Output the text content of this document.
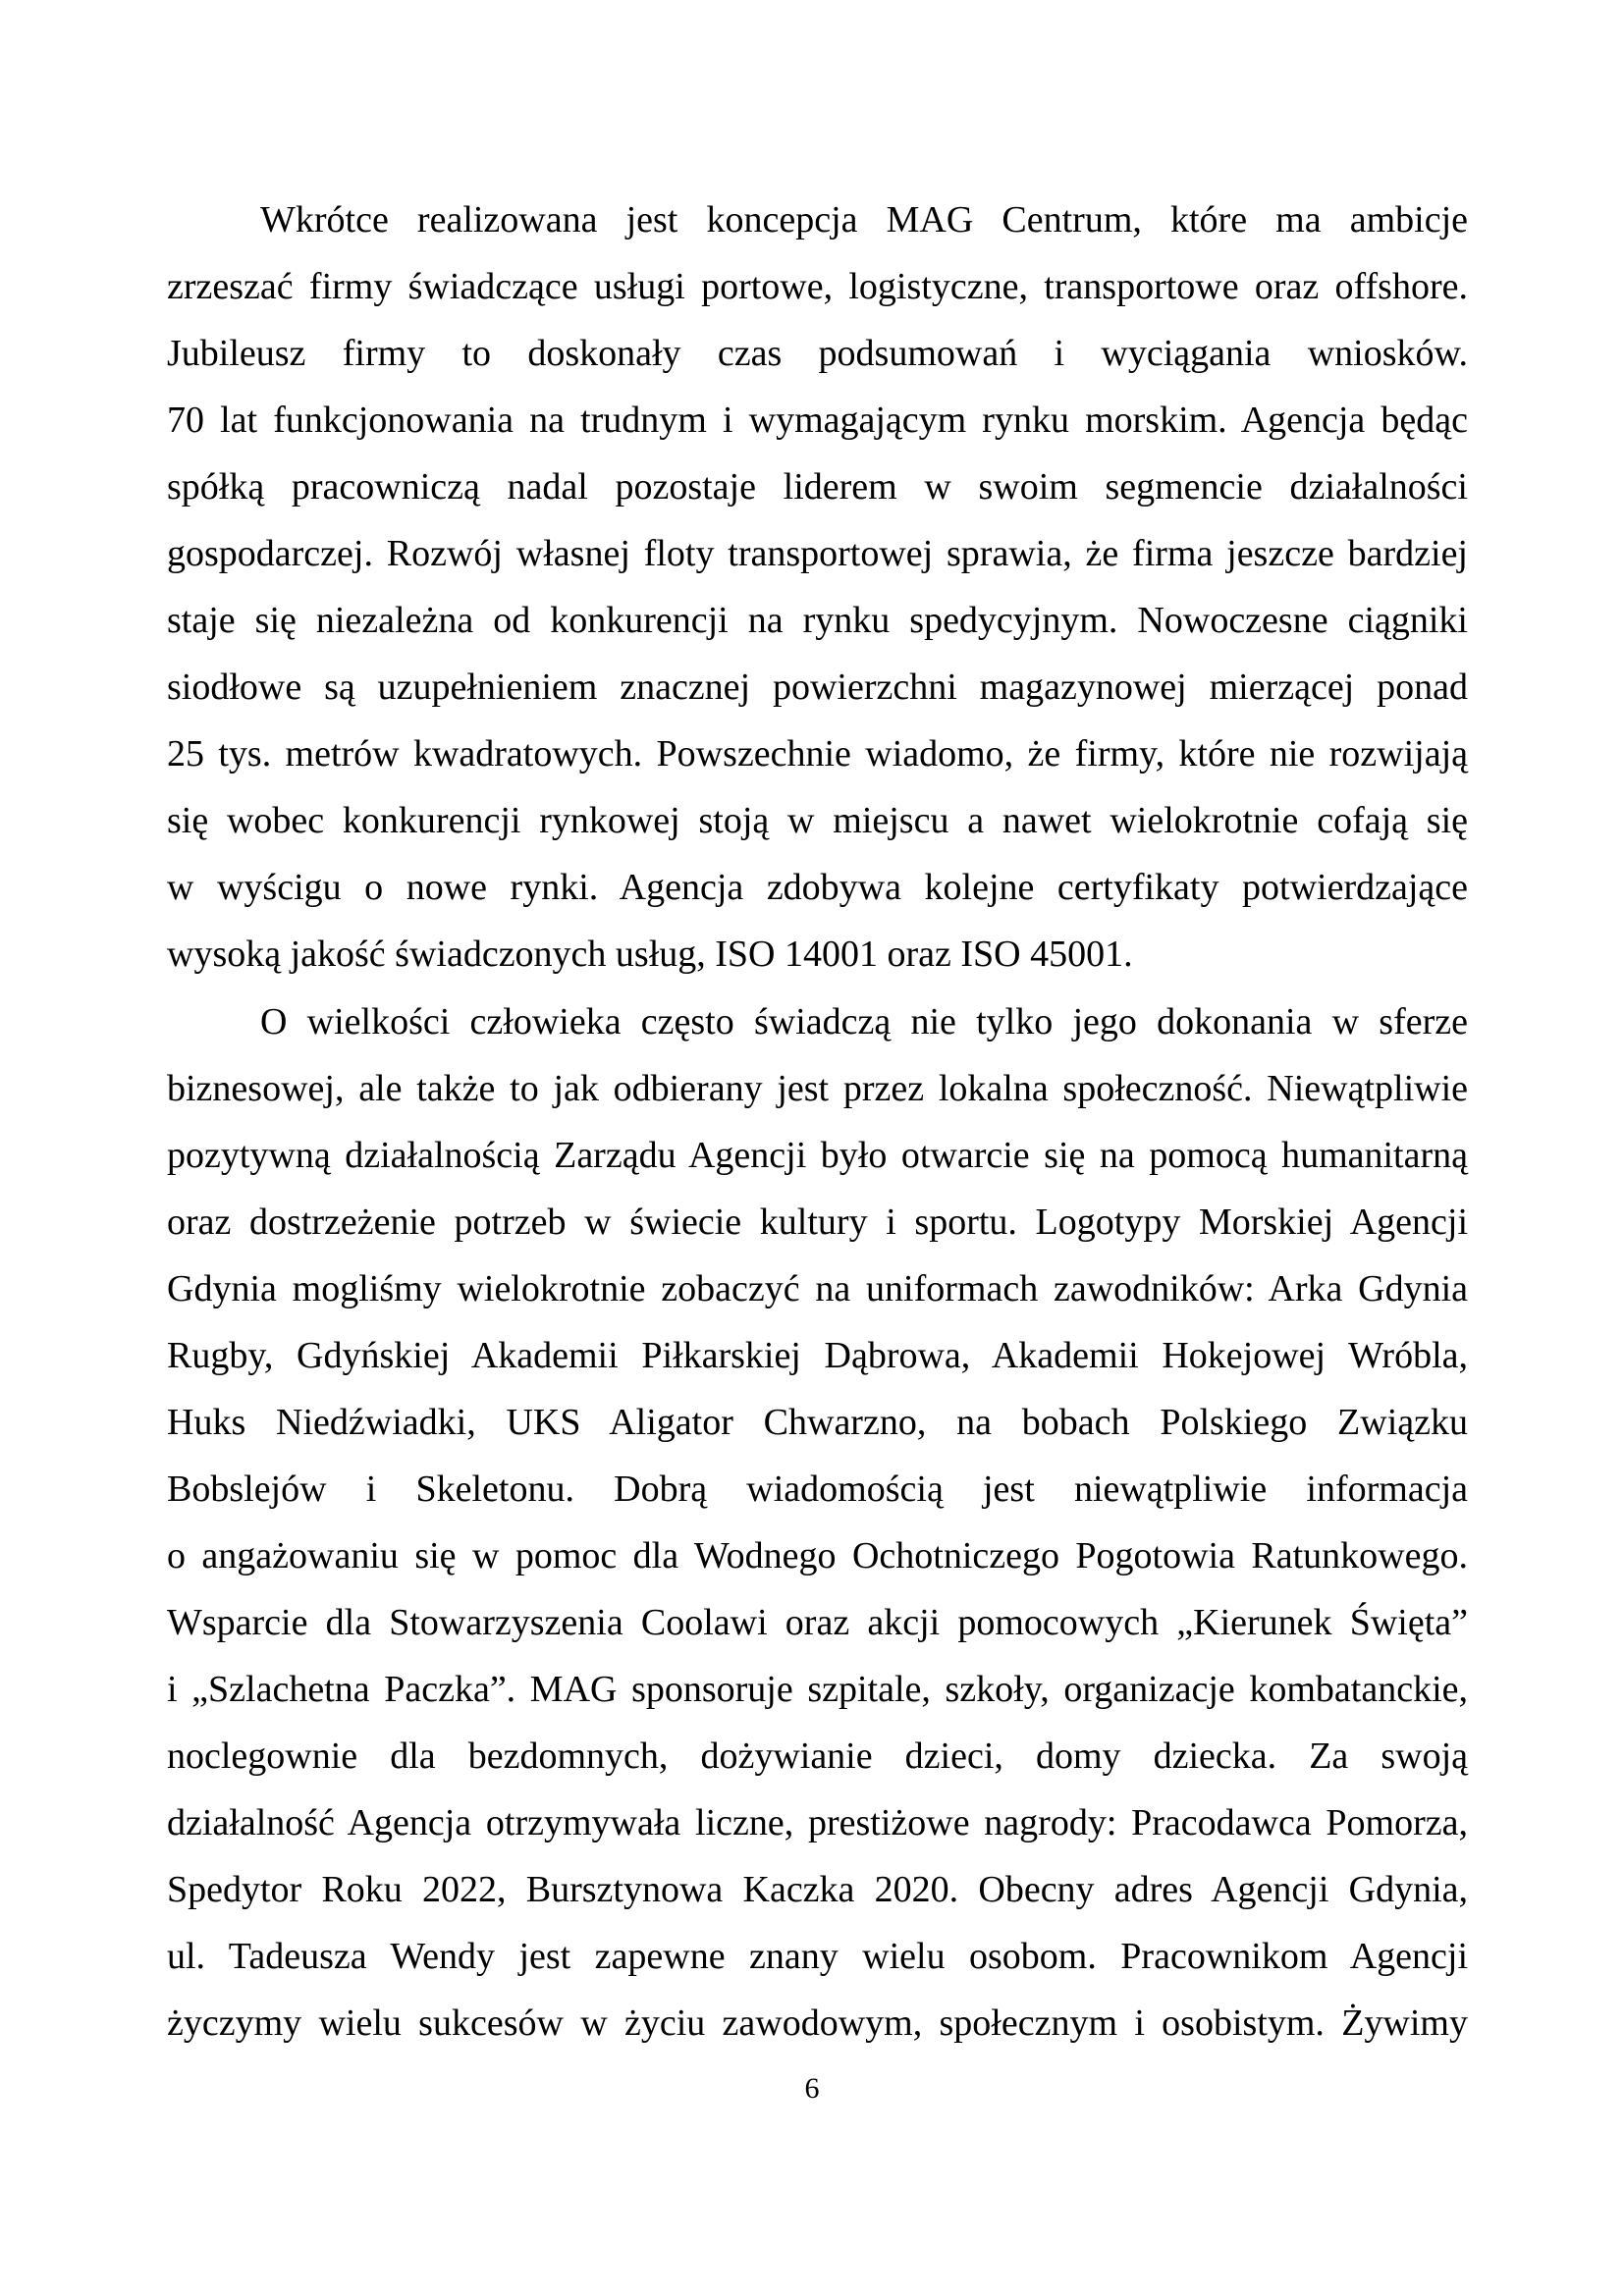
Wkrótce realizowana jest koncepcja MAG Centrum, które ma ambicje
zrzeszać firmy świadczące usługi portowe, logistyczne, transportowe oraz offshore.
Jubileusz firmy to doskonały czas podsumowań i wyciągania wniosków.
70 lat funkcjonowania na trudnym i wymagającym rynku morskim. Agencja będąc
spółką pracowniczą nadal pozostaje liderem w swoim segmencie działalności
gospodarczej. Rozwój własnej floty transportowej sprawia, że firma jeszcze bardziej
staje się niezależna od konkurencji na rynku spedycyjnym. Nowoczesne ciągniki
siodłowe są uzupełnieniem znacznej powierzchni magazynowej mierzącej ponad
25 tys. metrów kwadratowych. Powszechnie wiadomo, że firmy, które nie rozwijają
się wobec konkurencji rynkowej stoją w miejscu a nawet wielokrotnie cofają się
w wyścigu o nowe rynki. Agencja zdobywa kolejne certyfikaty potwierdzające
wysoką jakość świadczonych usług, ISO 14001 oraz ISO 45001.
O wielkości człowieka często świadczą nie tylko jego dokonania w sferze
biznesowej, ale także to jak odbierany jest przez lokalna społeczność. Niewątpliwie
pozytywną działalnością Zarządu Agencji było otwarcie się na pomocą humanitarną
oraz dostrzeżenie potrzeb w świecie kultury i sportu. Logotypy Morskiej Agencji
Gdynia mogliśmy wielokrotnie zobaczyć na uniformach zawodników: Arka Gdynia
Rugby, Gdyńskiej Akademii Piłkarskiej Dąbrowa, Akademii Hokejowej Wróbla,
Huks Niedźwiadki, UKS Aligator Chwarzno, na bobach Polskiego Związku
Bobslejów i Skeletonu. Dobrą wiadomością jest niewątpliwie informacja
o angażowaniu się w pomoc dla Wodnego Ochotniczego Pogotowia Ratunkowego.
Wsparcie dla Stowarzyszenia Coolawi oraz akcji pomocowych „Kierunek Święta”
i „Szlachetna Paczka”. MAG sponsoruje szpitale, szkoły, organizacje kombatanckie,
noclegownie dla bezdomnych, dożywianie dzieci, domy dziecka. Za swoją
działalność Agencja otrzymywała liczne, prestiżowe nagrody: Pracodawca Pomorza,
Spedytor Roku 2022, Bursztynowa Kaczka 2020. Obecny adres Agencji Gdynia,
ul. Tadeusza Wendy jest zapewne znany wielu osobom. Pracownikom Agencji
życzymy wielu sukcesów w życiu zawodowym, społecznym i osobistym. Żywimy
6
